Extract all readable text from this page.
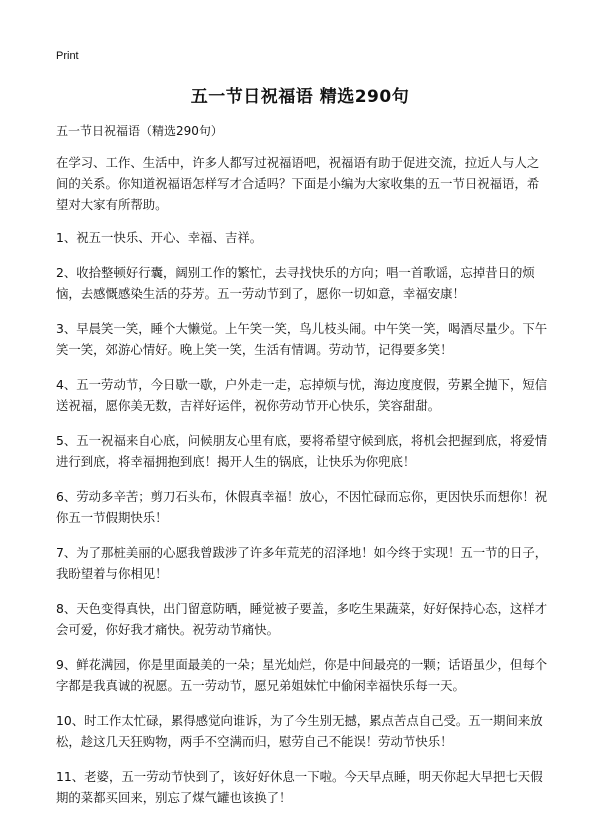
Print
五一节日祝福语 精选290句
五一节日祝福语（精选290句）

在学习、工作、生活中，许多人都写过祝福语吧，祝福语有助于促进交流，拉近人与人之间的关系。你知道祝福语怎样写才合适吗？下面是小编为大家收集的五一节日祝福语，希望对大家有所帮助。

1、祝五一快乐、开心、幸福、吉祥。

2、收拾整顿好行囊，阔别工作的繁忙，去寻找快乐的方向；唱一首歌谣，忘掉昔日的烦恼，去感慨感染生活的芬芳。五一劳动节到了，愿你一切如意，幸福安康！

3、早晨笑一笑，睡个大懒觉。上午笑一笑，鸟儿枝头闹。中午笑一笑，喝酒尽量少。下午笑一笑，郊游心情好。晚上笑一笑，生活有情调。劳动节，记得要多笑！

4、五一劳动节，今日歇一歇，户外走一走，忘掉烦与忧，海边度度假，劳累全抛下，短信送祝福，愿你美无数，吉祥好运伴，祝你劳动节开心快乐，笑容甜甜。

5、五一祝福来自心底，问候朋友心里有底，要将希望守候到底，将机会把握到底，将爱情进行到底，将幸福拥抱到底！揭开人生的锅底，让快乐为你兜底！

6、劳动多辛苦；剪刀石头布，休假真幸福！放心，不因忙碌而忘你，更因快乐而想你！祝你五一节假期快乐！

7、为了那桩美丽的心愿我曾跋涉了许多年荒芜的沼泽地！如今终于实现！五一节的日子，我盼望着与你相见！

8、天色变得真快，出门留意防晒，睡觉被子要盖，多吃生果蔬菜，好好保持心态，这样才会可爱，你好我才痛快。祝劳动节痛快。

9、鲜花满园，你是里面最美的一朵；星光灿烂，你是中间最亮的一颗；话语虽少，但每个字都是我真诚的祝愿。五一劳动节，愿兄弟姐妹忙中偷闲幸福快乐每一天。

10、时工作太忙碌，累得感觉向谁诉，为了今生别无撼，累点苦点自己受。五一期间来放松，趁这几天狂购物，两手不空满而归，慰劳自己不能误！劳动节快乐！

11、老婆，五一劳动节快到了，该好好休息一下啦。今天早点睡，明天你起大早把七天假期的菜都买回来，别忘了煤气罐也该换了！
